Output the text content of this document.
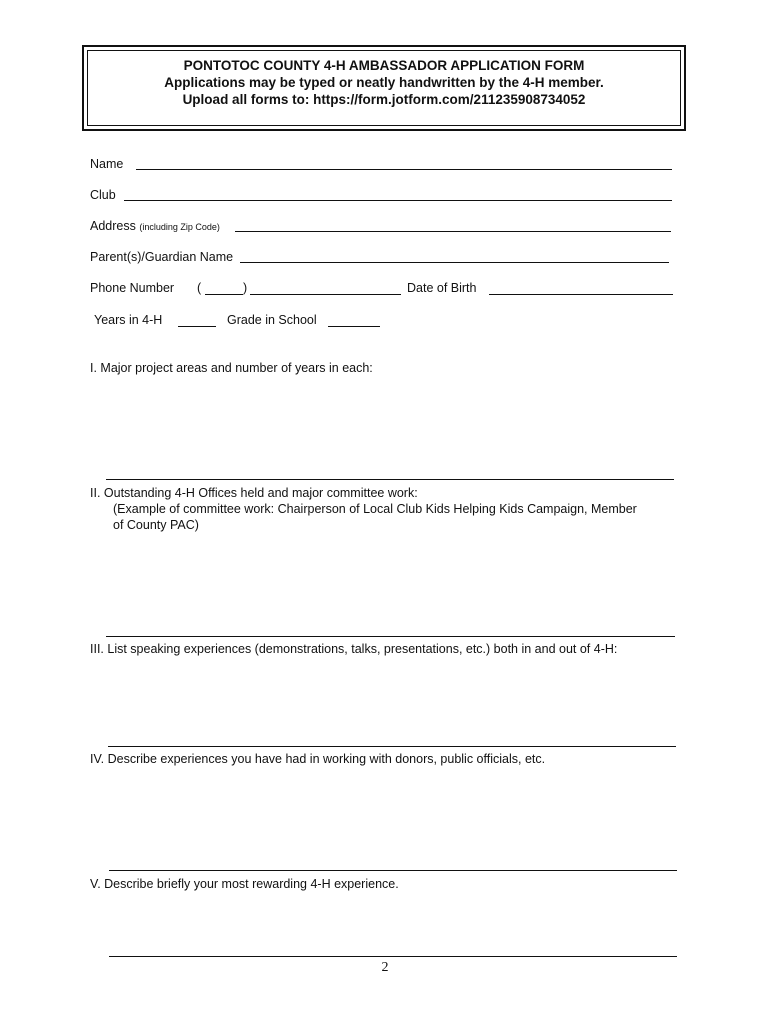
PONTOTOC COUNTY 4-H AMBASSADOR APPLICATION FORM
Applications may be typed or neatly handwritten by the 4-H member.
Upload all forms to: https://form.jotform.com/211235908734052
Name
Club
Address (including Zip Code)
Parent(s)/Guardian Name
Phone Number (	)	Date of Birth
Years in 4-H	Grade in School
I. Major project areas and number of years in each:
II. Outstanding 4-H Offices held and major committee work:
(Example of committee work: Chairperson of Local Club Kids Helping Kids Campaign, Member
of County PAC)
III. List speaking experiences (demonstrations, talks, presentations, etc.) both in and out of 4-H:
IV. Describe experiences you have had in working with donors, public officials, etc.
V. Describe briefly your most rewarding 4-H experience.
2
